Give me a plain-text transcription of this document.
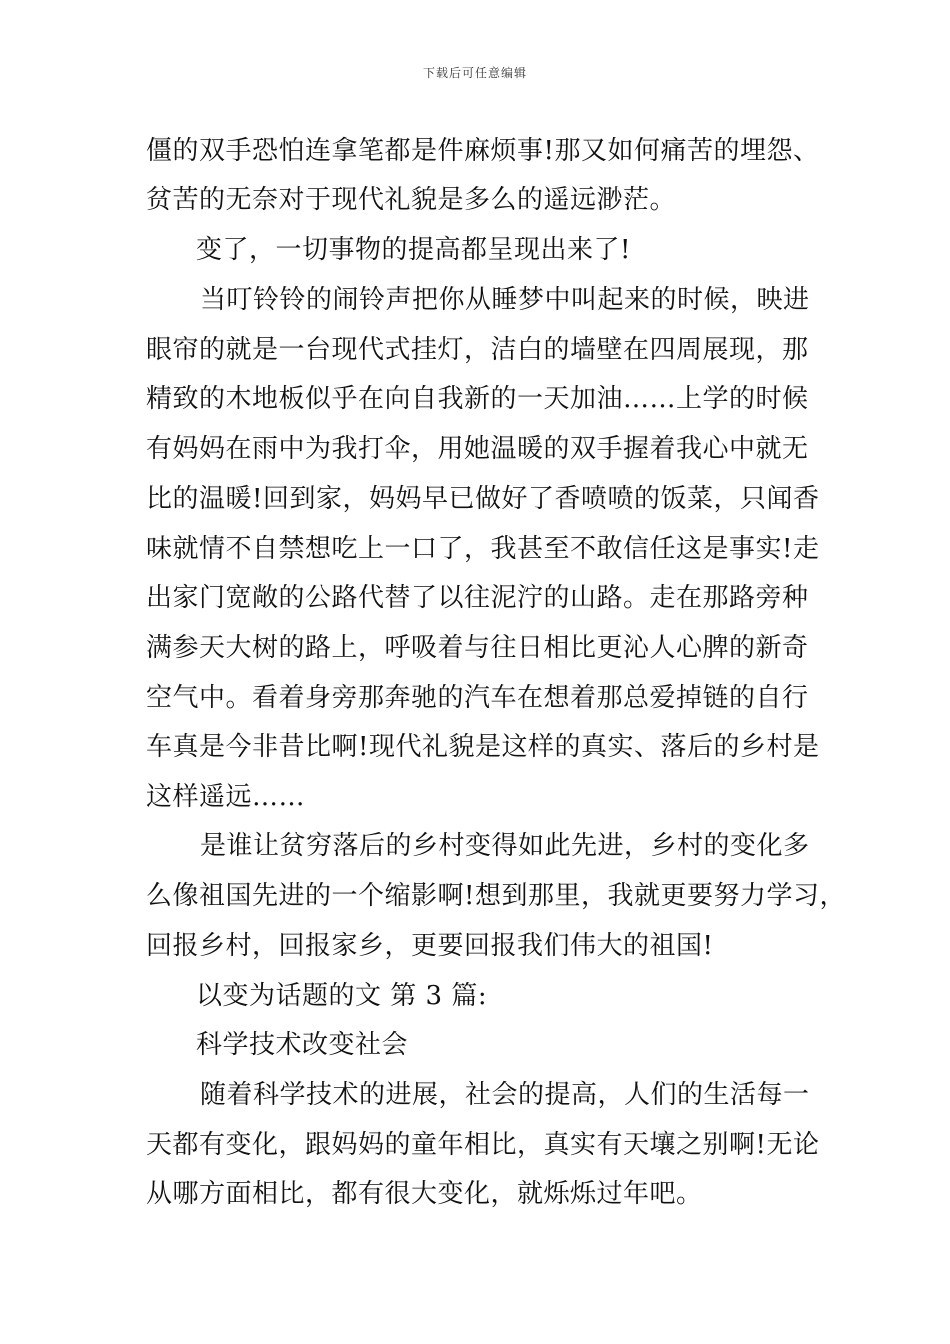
下载后可任意编辑
僵的双手恐怕连拿笔都是件麻烦事!那又如何痛苦的埋怨、
贫苦的无奈对于现代礼貌是多么的遥远渺茫。
变了，一切事物的提高都呈现出来了!
当叮铃铃的闹铃声把你从睡梦中叫起来的时候，映进
眼帘的就是一台现代式挂灯，洁白的墙壁在四周展现，那
精致的木地板似乎在向自我新的一天加油……上学的时候
有妈妈在雨中为我打伞，用她温暖的双手握着我心中就无
比的温暖!回到家，妈妈早已做好了香喷喷的饭菜，只闻香
味就情不自禁想吃上一口了，我甚至不敢信任这是事实!走
出家门宽敞的公路代替了以往泥泞的山路。走在那路旁种
满参天大树的路上，呼吸着与往日相比更沁人心脾的新奇
空气中。看着身旁那奔驰的汽车在想着那总爱掉链的自行
车真是今非昔比啊!现代礼貌是这样的真实、落后的乡村是
这样遥远……
是谁让贫穷落后的乡村变得如此先进，乡村的变化多
么像祖国先进的一个缩影啊!想到那里，我就更要努力学习，
回报乡村，回报家乡，更要回报我们伟大的祖国!
以变为话题的文 第 3 篇:
科学技术改变社会
随着科学技术的进展，社会的提高，人们的生活每一
天都有变化，跟妈妈的童年相比，真实有天壤之别啊!无论
从哪方面相比，都有很大变化，就烁烁过年吧。
